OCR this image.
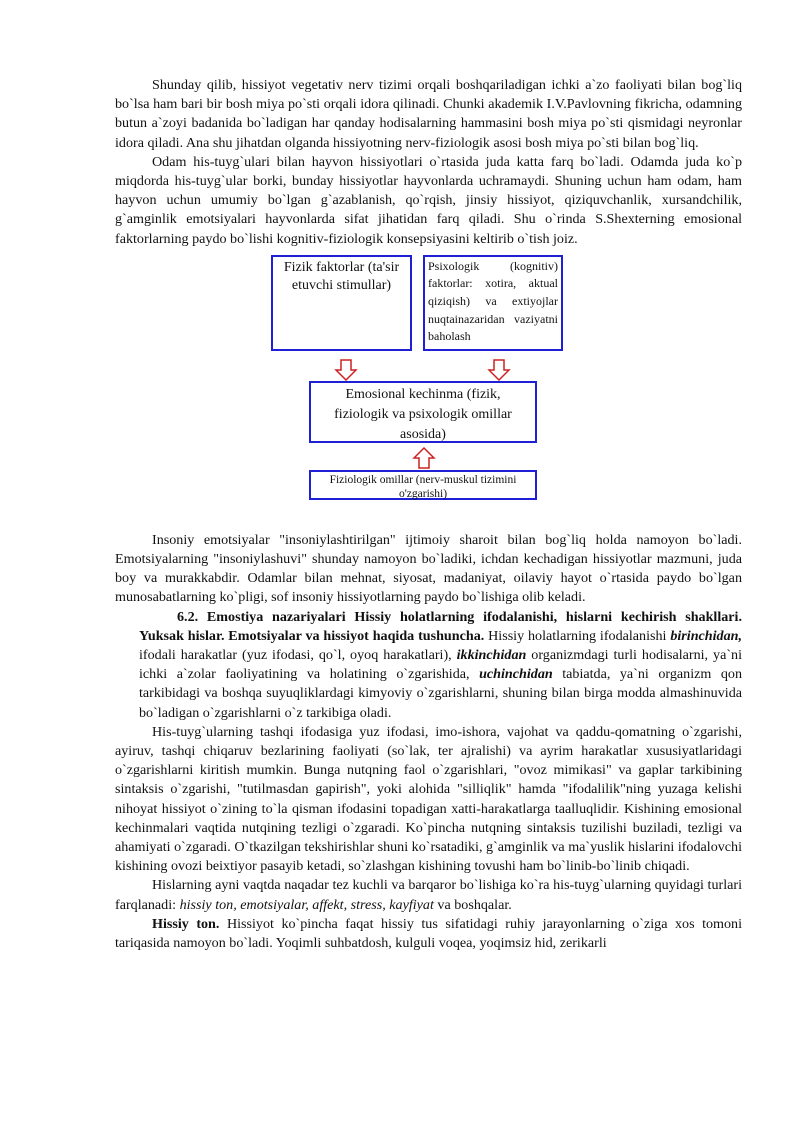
Shunday qilib, hissiyot vegetativ nerv tizimi orqali boshqariladigan ichki a`zo faoliyati bilan bog`liq bo`lsa ham bari bir bosh miya po`sti orqali idora qilinadi. Chunki akademik I.V.Pavlovning fikricha, odamning butun a`zoyi badanida bo`ladigan har qanday hodisalarning hammasini bosh miya po`sti qismidagi neyronlar idora qiladi. Ana shu jihatdan olganda hissiyotning nerv-fiziologik asosi bosh miya po`sti bilan bog`liq.

Odam his-tuyg`ulari bilan hayvon hissiyotlari o`rtasida juda katta farq bo`ladi. Odamda juda ko`p miqdorda his-tuyg`ular borki, bunday hissiyotlar hayvonlarda uchramaydi. Shuning uchun ham odam, ham hayvon uchun umumiy bo`lgan g`azablanish, qo`rqish, jinsiy hissiyot, qiziquvchanlik, xursandchilik, g`amginlik emotsiyalari hayvonlarda sifat jihatidan farq qiladi. Shu o`rinda S.Shexterning emosional faktorlarning paydo bo`lishi kognitiv-fiziologik konsepsiyasini keltirib o`tish joiz.

Fizik faktorlar (ta'sir etuvchi stimullar)
Psixologik (kognitiv) faktorlar: xotira, aktual qiziqish) va extiyojlar nuqtainazaridan vaziyatni baholash
Emosional kechinma (fizik, fiziologik va psixologik omillar asosida)
Fiziologik omillar (nerv-muskul tizimini o'zgarishi)

Insoniy emotsiyalar "insoniylashtirilgan" ijtimoiy sharoit bilan bog`liq holda namoyon bo`ladi. Emotsiyalarning "insoniylashuvi" shunday namoyon bo`ladiki, ichdan kechadigan hissiyotlar mazmuni, juda boy va murakkabdir. Odamlar bilan mehnat, siyosat, madaniyat, oilaviy hayot o`rtasida paydo bo`lgan munosabatlarning ko`pligi, sof insoniy hissiyotlarning paydo bo`lishiga olib keladi.

6.2. Emostiya nazariyalari Hissiy holatlarning ifodalanishi, hislarni kechirish shakllari. Yuksak hislar. Emotsiyalar va hissiyot haqida tushuncha. Hissiy holatlarning ifodalanishi birinchidan, ifodali harakatlar (yuz ifodasi, qo`l, oyoq harakatlari), ikkinchidan organizmdagi turli hodisalarni, ya`ni ichki a`zolar faoliyatining va holatining o`zgarishida, uchinchidan tabiatda, ya`ni organizm qon tarkibidagi va boshqa suyuqliklardagi kimyoviy o`zgarishlarni, shuning bilan birga modda almashinuvida bo`ladigan o`zgarishlarni o`z tarkibiga oladi.

His-tuyg`ularning tashqi ifodasiga yuz ifodasi, imo-ishora, vajohat va qaddu-qomatning o`zgarishi, ayiruv, tashqi chiqaruv bezlarining faoliyati (so`lak, ter ajralishi) va ayrim harakatlar xususiyatlaridagi o`zgarishlarni kiritish mumkin. Bunga nutqning faol o`zgarishlari, "ovoz mimikasi" va gaplar tarkibining sintaksis o`zgarishi, "tutilmasdan gapirish", yoki alohida "silliqlik" hamda "ifodalilik"ning yuzaga kelishi nihoyat hissiyot o`zining to`la qisman ifodasini topadigan xatti-harakatlarga taalluqlidir. Kishining emosional kechinmalari vaqtida nutqining tezligi o`zgaradi. Ko`pincha nutqning sintaksis tuzilishi buziladi, tezligi va ahamiyati o`zgaradi. O`tkazilgan tekshirishlar shuni ko`rsatadiki, g`amginlik va ma`yuslik hislarini ifodalovchi kishining ovozi beixtiyor pasayib ketadi, so`zlashgan kishining tovushi ham bo`linib-bo`linib chiqadi.

Hislarning ayni vaqtda naqadar tez kuchli va barqaror bo`lishiga ko`ra his-tuyg`ularning quyidagi turlari farqlanadi: hissiy ton, emotsiyalar, affekt, stress, kayfiyat va boshqalar.

Hissiy ton. Hissiyot ko`pincha faqat hissiy tus sifatidagi ruhiy jarayonlarning o`ziga xos tomoni tariqasida namoyon bo`ladi. Yoqimli suhbatdosh, kulguli voqea, yoqimsiz hid, zerikarli
